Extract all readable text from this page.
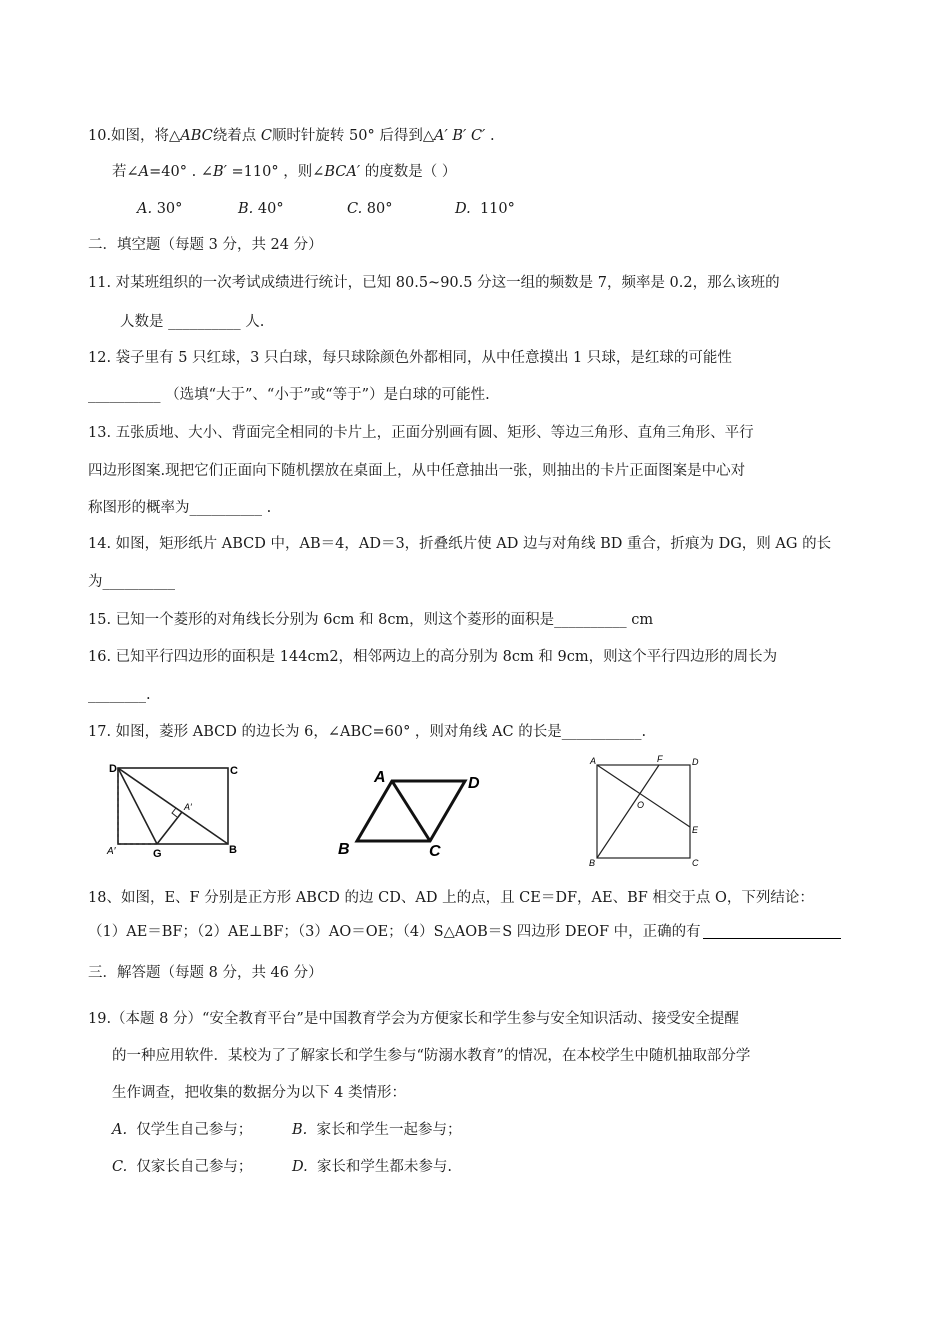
10.如图，将△ABC绕着点 C顺时针旋转 50° 后得到△A′ B′ C′ .
若∠A=40° . ∠B′ =110° ，则∠BCA′ 的度数是（ ）
A. 30°	B. 40°	C. 80°	D. 110°
二．填空题（每题 3 分，共 24 分）
11. 对某班组织的一次考试成绩进行统计，已知 80.5~90.5 分这一组的频数是 7，频率是 0.2，那么该班的
人数是 __________ 人.
12. 袋子里有 5 只红球，3 只白球，每只球除颜色外都相同，从中任意摸出 1 只球，是红球的可能性
__________ （选填“大于”、“小于”或“等于”）是白球的可能性.
13. 五张质地、大小、背面完全相同的卡片上，正面分别画有圆、矩形、等边三角形、直角三角形、平行
四边形图案.现把它们正面向下随机摆放在桌面上，从中任意抽出一张，则抽出的卡片正面图案是中心对
称图形的概率为__________ .
14. 如图，矩形纸片 ABCD 中，AB＝4，AD＝3，折叠纸片使 AD 边与对角线 BD 重合，折痕为 DG，则 AG 的长
为__________
15. 已知一个菱形的对角线长分别为 6cm 和 8cm，则这个菱形的面积是__________ cm
16. 已知平行四边形的面积是 144cm2，相邻两边上的高分别为 8cm 和 9cm，则这个平行四边形的周长为
________.
17. 如图，菱形 ABCD 的边长为 6，∠ABC=60° ，则对角线 AC 的长是___________.
D	C
A′
A′	G	B
A	D
B	C
A	F	D
O
E
B	C
18、如图，E、F 分别是正方形 ABCD 的边 CD、AD 上的点，且 CE＝DF，AE、BF 相交于点 O，下列结论：
（1）AE＝BF；（2）AE⊥BF；（3）AO＝OE；（4）S△AOB＝S 四边形 DEOF 中，正确的有
三．解答题（每题 8 分，共 46 分）
19.（本题 8 分）“安全教育平台”是中国教育学会为方便家长和学生参与安全知识活动、接受安全提醒
的一种应用软件．某校为了了解家长和学生参与“防溺水教育”的情况，在本校学生中随机抽取部分学
生作调查，把收集的数据分为以下 4 类情形：
A. 仅学生自己参与；	B. 家长和学生一起参与；
C. 仅家长自己参与；	D. 家长和学生都未参与.
